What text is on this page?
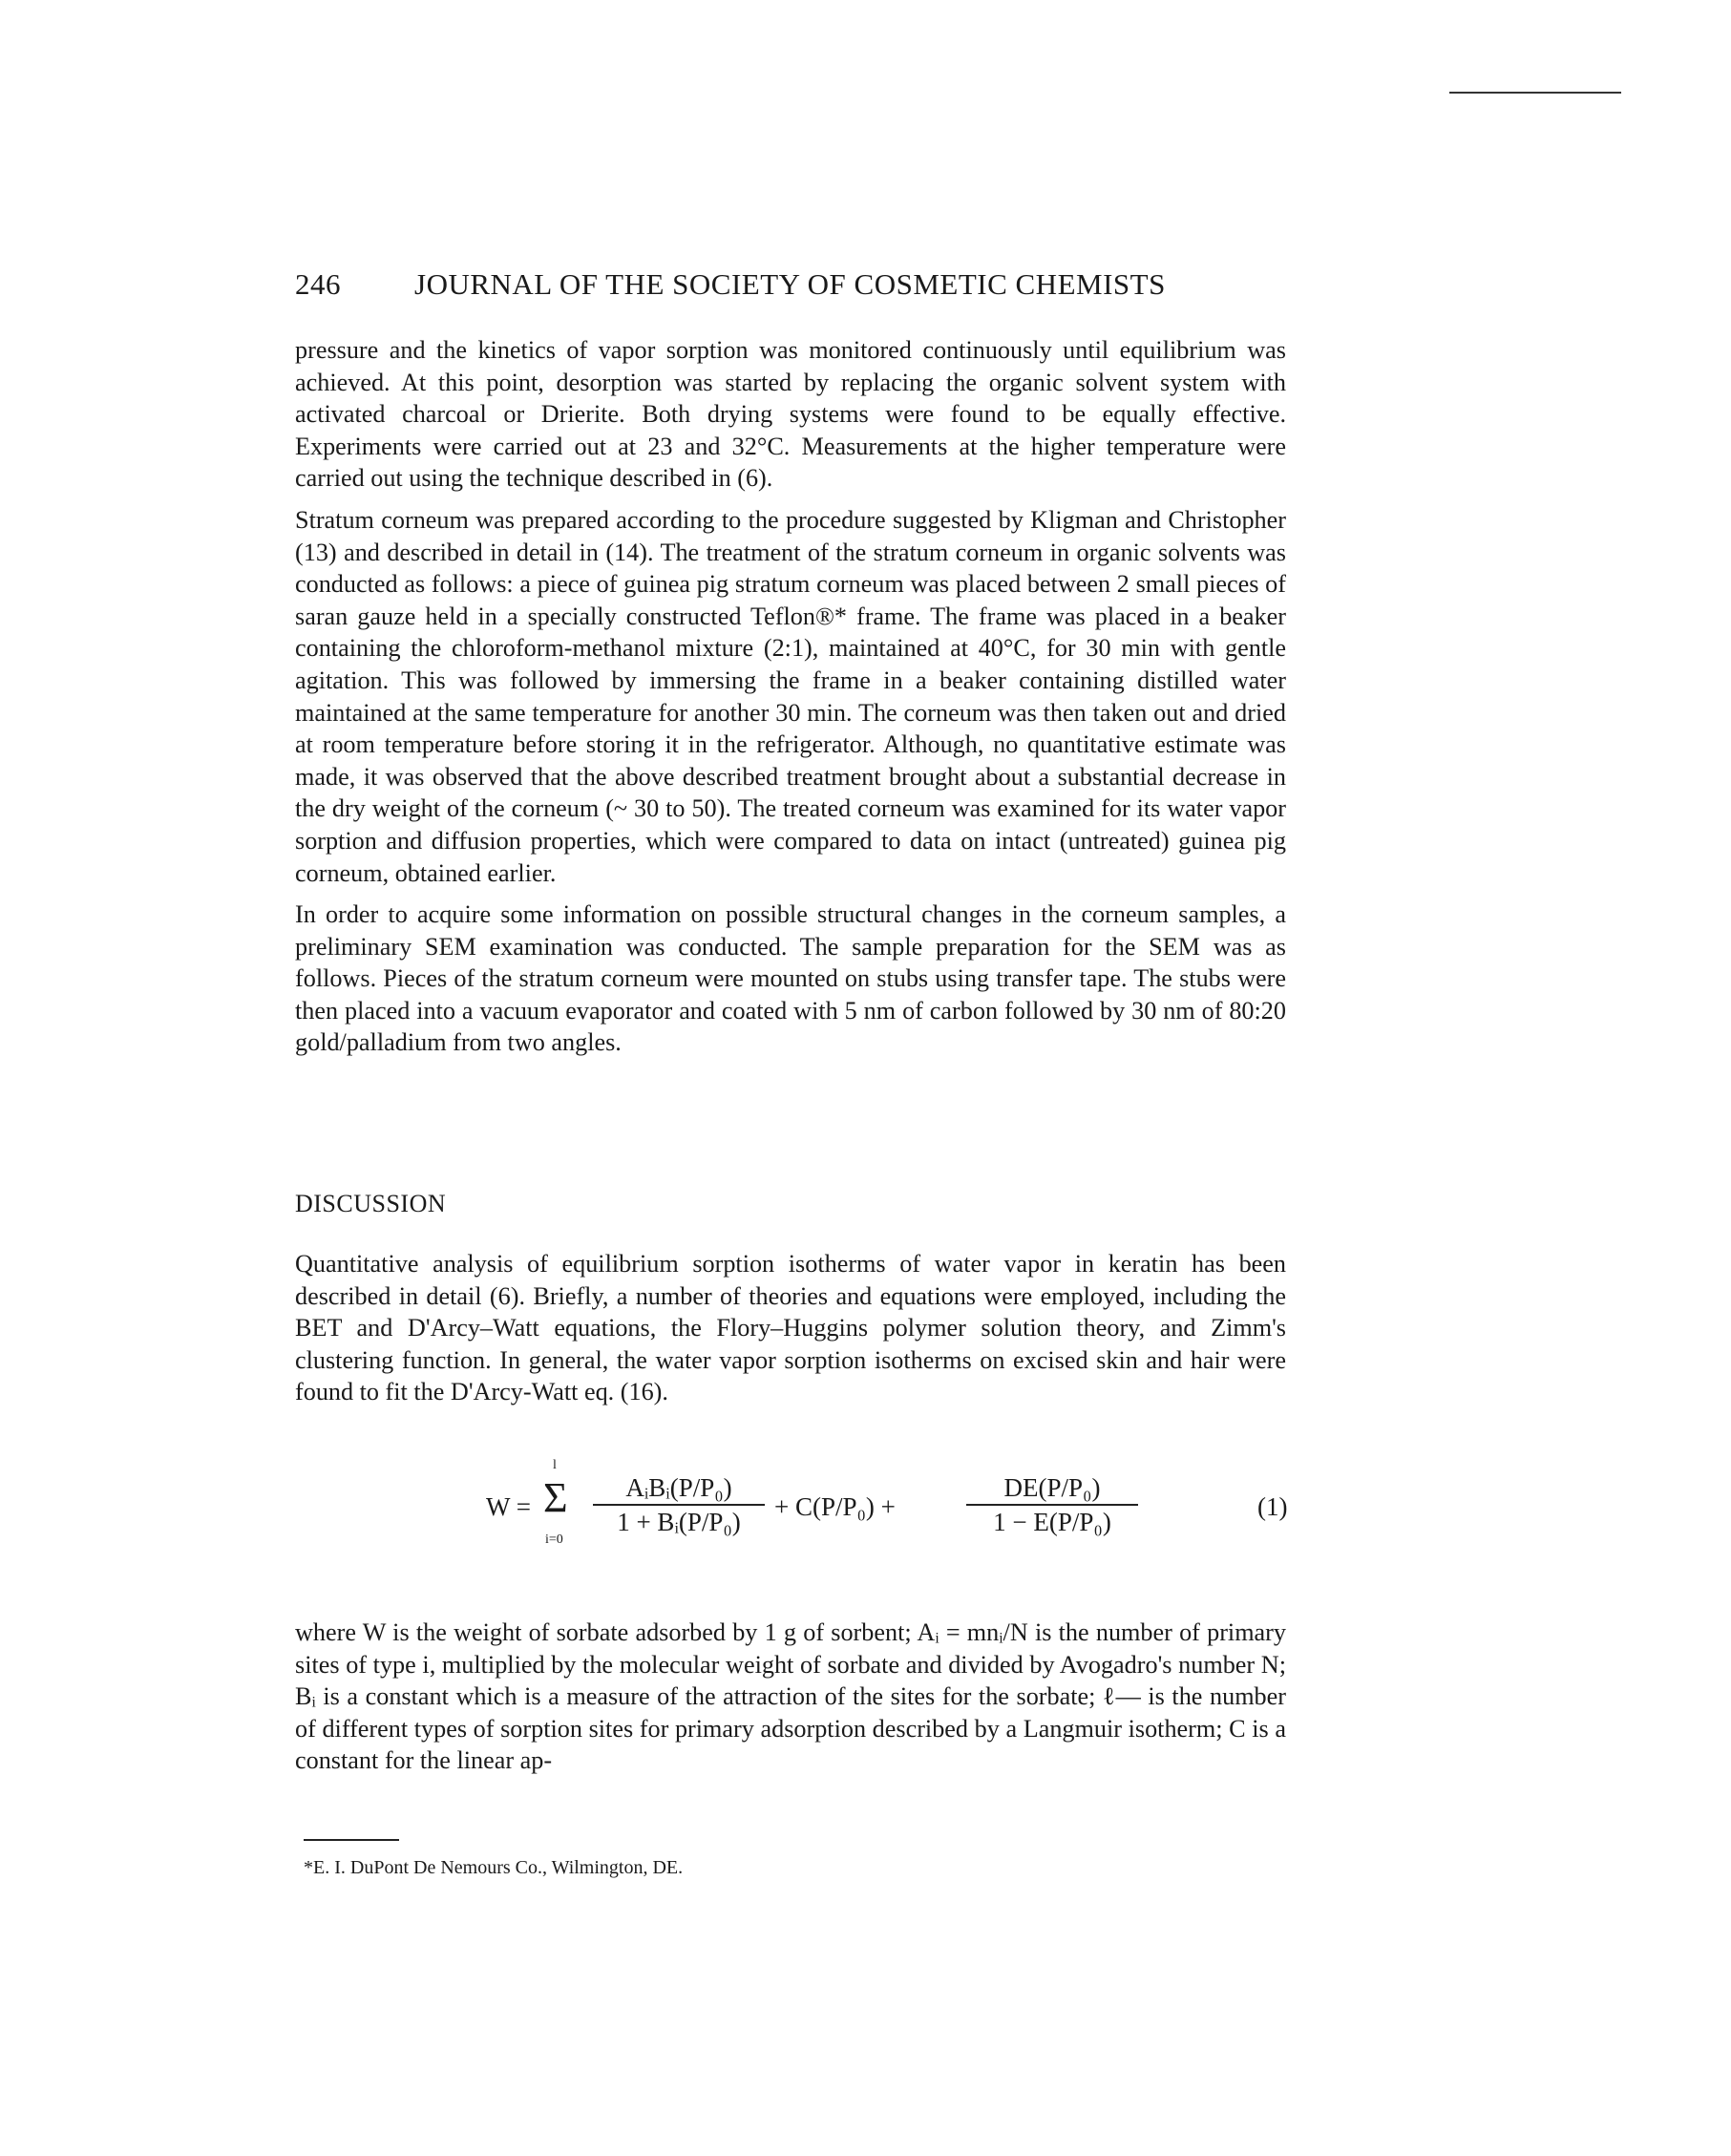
246 JOURNAL OF THE SOCIETY OF COSMETIC CHEMISTS

pressure and the kinetics of vapor sorption was monitored continuously until equilibrium was achieved. At this point, desorption was started by replacing the organic solvent system with activated charcoal or Drierite. Both drying systems were found to be equally effective. Experiments were carried out at 23 and 32°C. Measurements at the higher temperature were carried out using the technique described in (6).

Stratum corneum was prepared according to the procedure suggested by Kligman and Christopher (13) and described in detail in (14). The treatment of the stratum corneum in organic solvents was conducted as follows: a piece of guinea pig stratum corneum was placed between 2 small pieces of saran gauze held in a specially constructed Teflon®* frame. The frame was placed in a beaker containing the chloroform-methanol mixture (2:1), maintained at 40°C, for 30 min with gentle agitation. This was followed by immersing the frame in a beaker containing distilled water maintained at the same temperature for another 30 min. The corneum was then taken out and dried at room temperature before storing it in the refrigerator. Although, no quantitative estimate was made, it was observed that the above described treatment brought about a substantial decrease in the dry weight of the corneum (~ 30 to 50). The treated corneum was examined for its water vapor sorption and diffusion properties, which were compared to data on intact (untreated) guinea pig corneum, obtained earlier.

In order to acquire some information on possible structural changes in the corneum samples, a preliminary SEM examination was conducted. The sample preparation for the SEM was as follows. Pieces of the stratum corneum were mounted on stubs using transfer tape. The stubs were then placed into a vacuum evaporator and coated with 5 nm of carbon followed by 30 nm of 80:20 gold/palladium from two angles.

DISCUSSION

Quantitative analysis of equilibrium sorption isotherms of water vapor in keratin has been described in detail (6). Briefly, a number of theories and equations were employed, including the BET and D'Arcy–Watt equations, the Flory–Huggins polymer solution theory, and Zimm's clustering function. In general, the water vapor sorption isotherms on excised skin and hair were found to fit the D'Arcy-Watt eq. (16).

W =
l
Σ
i=0
AᵢBᵢ(P/P₀)
1 + Bᵢ(P/P₀)
+ C(P/P₀) +	$\frac{\text{DE(P/P₀)}}{\text{1 − E(P/P₀)}}$	(1)

where W is the weight of sorbate adsorbed by 1 g of sorbent; Aᵢ = mnᵢ/N is the number of primary sites of type i, multiplied by the molecular weight of sorbate and divided by Avogadro's number N; Bᵢ is a constant which is a measure of the attraction of the sites for the sorbate; ℓ— is the number of different types of sorption sites for primary adsorption described by a Langmuir isotherm; C is a constant for the linear ap-

*E. I. DuPont De Nemours Co., Wilmington, DE.
